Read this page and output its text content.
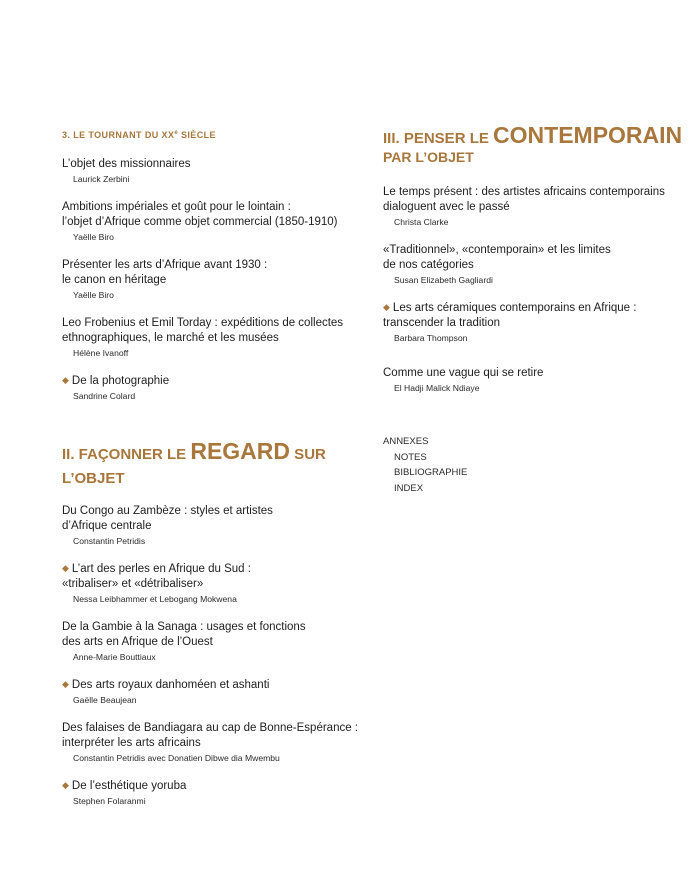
3. LE TOURNANT DU XXe SIÈCLE
L’objet des missionnaires
Laurick Zerbini
Ambitions impériales et goût pour le lointain :
l’objet d’Afrique comme objet commercial (1850-1910)
Yaëlle Biro
Présenter les arts d’Afrique avant 1930 :
le canon en héritage
Yaëlle Biro
Leo Frobenius et Emil Torday : expéditions de collectes
ethnographiques, le marché et les musées
Hélène Ivanoff
◆ De la photographie
Sandrine Colard
II. FAÇONNER LE REGARD SUR L’OBJET
Du Congo au Zambèze : styles et artistes
d’Afrique centrale
Constantin Petridis
◆ L’art des perles en Afrique du Sud :
«tribaliser» et «détribaliser»
Nessa Leibhammer et Lebogang Mokwena
De la Gambie à la Sanaga : usages et fonctions
des arts en Afrique de l’Ouest
Anne-Marie Bouttiaux
◆ Des arts royaux danhoméen et ashanti
Gaëlle Beaujean
Des falaises de Bandiagara au cap de Bonne-Espérance :
interpréter les arts africains
Constantin Petridis avec Donatien Dibwe dia Mwembu
◆ De l’esthétique yoruba
Stephen Folaranmi
III. PENSER LE CONTEMPORAIN
PAR L’OBJET
Le temps présent : des artistes africains contemporains
dialoguent avec le passé
Christa Clarke
«Traditionnel», «contemporain» et les limites
de nos catégories
Susan Elizabeth Gagliardi
◆ Les arts céramiques contemporains en Afrique :
transcender la tradition
Barbara Thompson
Comme une vague qui se retire
El Hadji Malick Ndiaye
ANNEXES
NOTES
BIBLIOGRAPHIE
INDEX
